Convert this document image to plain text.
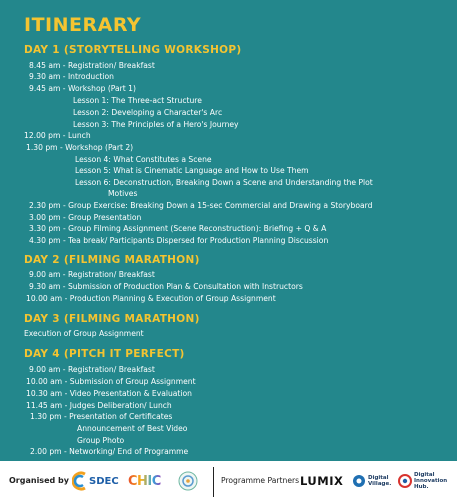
ITINERARY
DAY 1 (STORYTELLING WORKSHOP)
8.45 am - Registration/ Breakfast
9.30 am - Introduction
9.45 am - Workshop (Part 1)
Lesson 1: The Three-act Structure
Lesson 2: Developing a Character's Arc
Lesson 3: The Principles of a Hero's Journey
12.00 pm - Lunch
1.30 pm - Workshop (Part 2)
Lesson 4: What Constitutes a Scene
Lesson 5: What is Cinematic Language and How to Use Them
Lesson 6: Deconstruction, Breaking Down a Scene and Understanding the Plot
Motives
2.30 pm - Group Exercise: Breaking Down a 15-sec Commercial and Drawing a Storyboard
3.00 pm - Group Presentation
3.30 pm - Group Filming Assignment (Scene Reconstruction): Briefing + Q & A
4.30 pm - Tea break/ Participants Dispersed for Production Planning Discussion
DAY 2 (FILMING MARATHON)
9.00 am - Registration/ Breakfast
9.30 am - Submission of Production Plan & Consultation with Instructors
10.00 am - Production Planning & Execution of Group Assignment
DAY 3 (FILMING MARATHON)
Execution of Group Assignment
DAY 4 (PITCH IT PERFECT)
9.00 am - Registration/ Breakfast
10.00 am - Submission of Group Assignment
10.30 am - Video Presentation & Evaluation
11.45 am - Judges Deliberation/ Lunch
1.30 pm - Presentation of Certificates
Announcement of Best Video
Group Photo
2.00 pm - Networking/ End of Programme
Organised by SDEC CHIC	Programme Partners LUMIX	Digital Village.
Digital Innovation Hub.
